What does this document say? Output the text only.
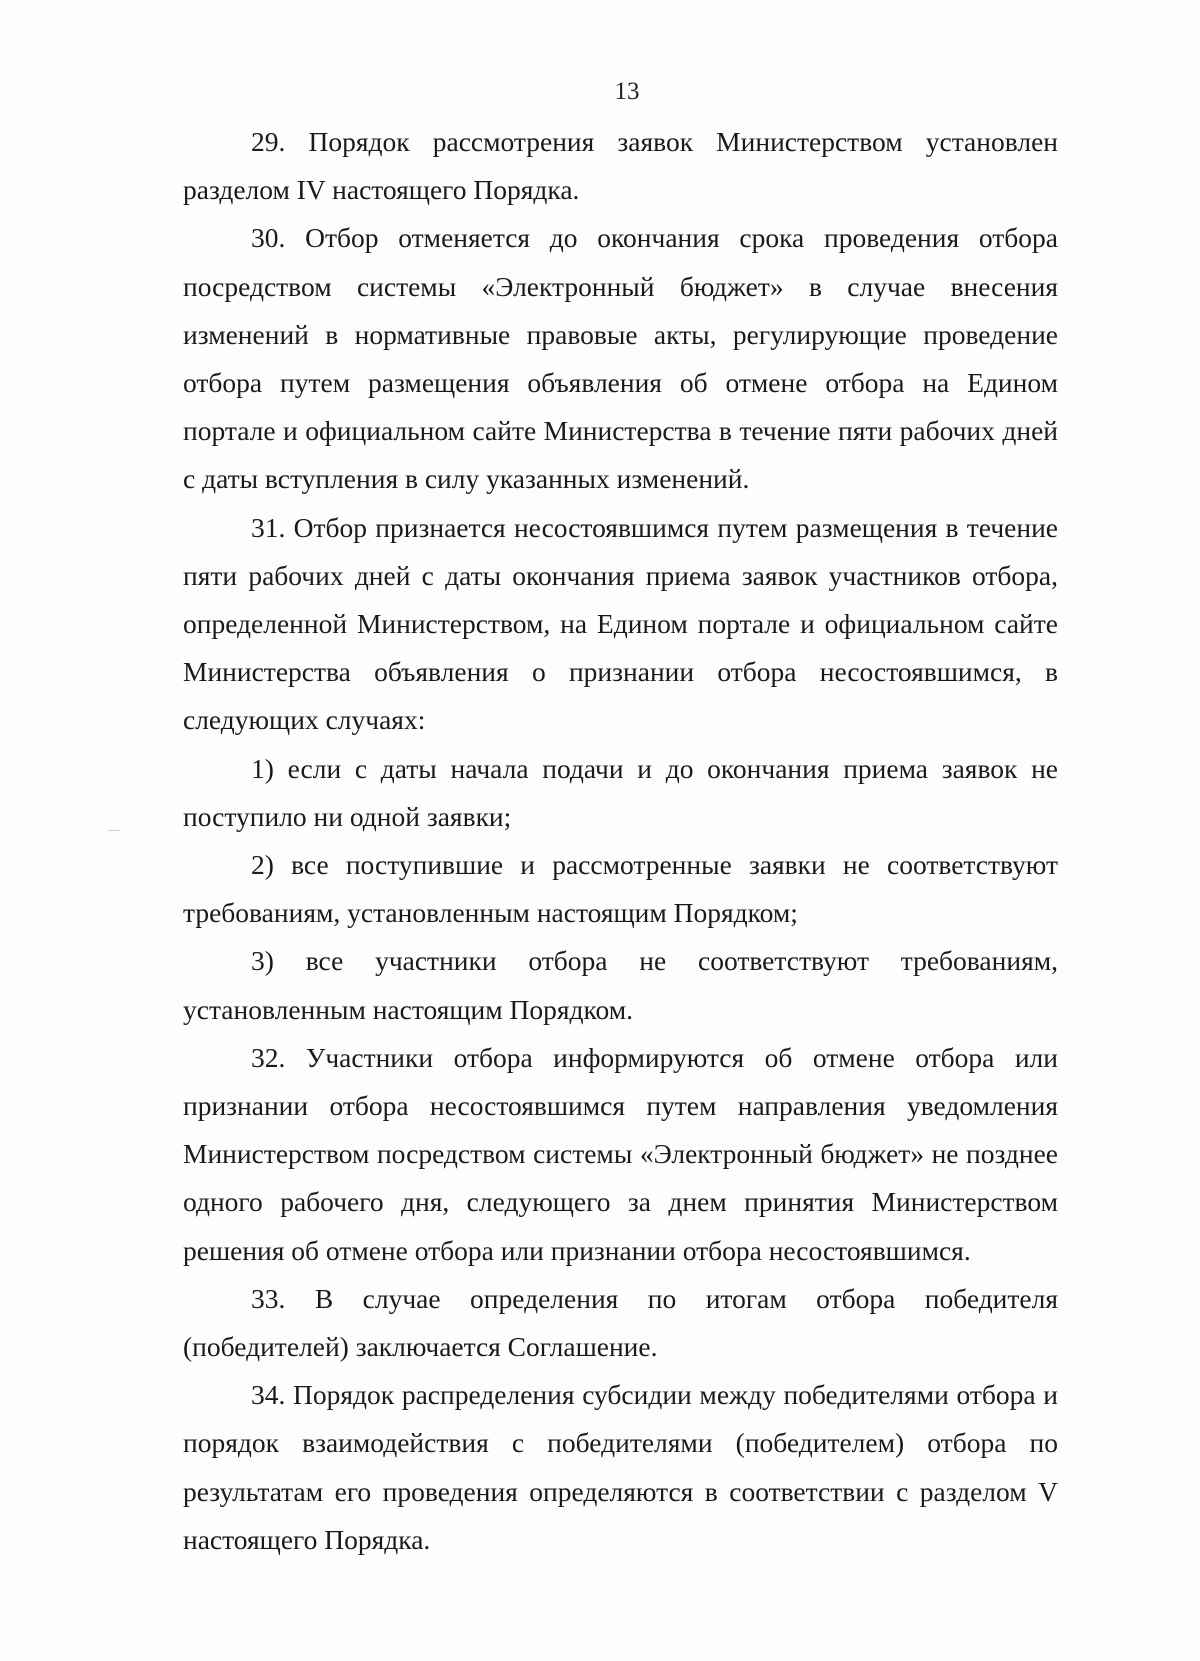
13

29. Порядок рассмотрения заявок Министерством установлен разделом IV настоящего Порядка.

30. Отбор отменяется до окончания срока проведения отбора посредством системы «Электронный бюджет» в случае внесения изменений в нормативные правовые акты, регулирующие проведение отбора путем размещения объявления об отмене отбора на Едином портале и официальном сайте Министерства в течение пяти рабочих дней с даты вступления в силу указанных изменений.

31. Отбор признается несостоявшимся путем размещения в течение пяти рабочих дней с даты окончания приема заявок участников отбора, определенной Министерством, на Едином портале и официальном сайте Министерства объявления о признании отбора несостоявшимся, в следующих случаях:

1) если с даты начала подачи и до окончания приема заявок не поступило ни одной заявки;

2) все поступившие и рассмотренные заявки не соответствуют требованиям, установленным настоящим Порядком;

3) все участники отбора не соответствуют требованиям, установленным настоящим Порядком.

32. Участники отбора информируются об отмене отбора или признании отбора несостоявшимся путем направления уведомления Министерством посредством системы «Электронный бюджет» не позднее одного рабочего дня, следующего за днем принятия Министерством решения об отмене отбора или признании отбора несостоявшимся.

33. В случае определения по итогам отбора победителя (победителей) заключается Соглашение.

34. Порядок распределения субсидии между победителями отбора и порядок взаимодействия с победителями (победителем) отбора по результатам его проведения определяются в соответствии с разделом V настоящего Порядка.
